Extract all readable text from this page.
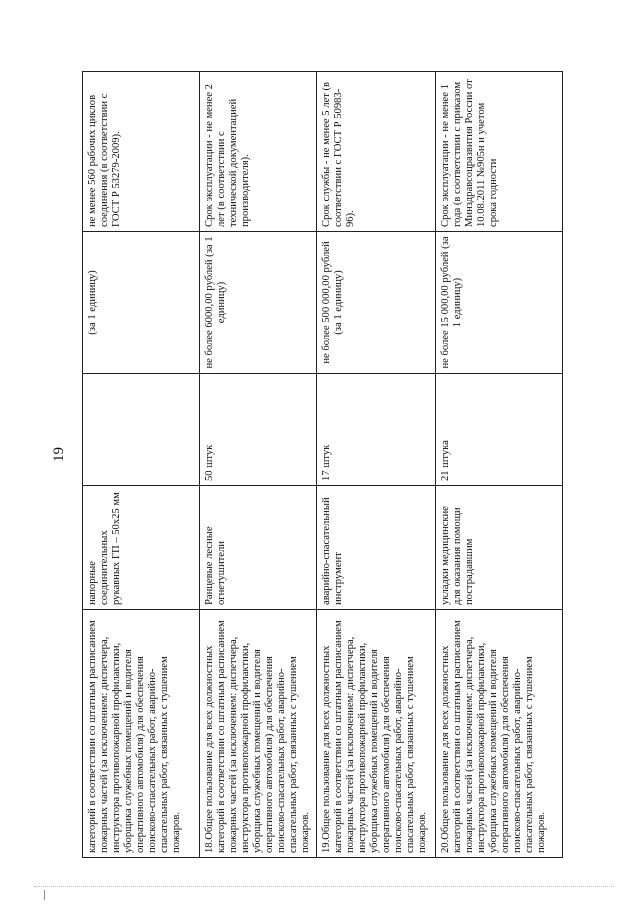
19
категорий в соответствии со штатным расписанием пожарных частей (за исключением: диспетчера, инструктора противопожарной профилактики, уборщика служебных помещений и водителя оперативного автомобиля) для обеспечения поисково-спасательных работ, аварийно-спасательных работ, связанных с тушением пожаров.	напорные соединительных рукавных ГП – 50х25 мм		(за 1 единицу)	не менее 560 рабочих циклов соединения (в соответствии с ГОСТ Р 53279-2009).
18.Общее пользование для всех должностных категорий в соответствии со штатным расписанием пожарных частей (за исключением: диспетчера, инструктора противопожарной профилактики, уборщика служебных помещений и водителя оперативного автомобиля) для обеспечения поисково-спасательных работ, аварийно-спасательных работ, связанных с тушением пожаров.	Ранцевые лесные огнетушители	50 штук	не более 6000,00 рублей (за 1 единицу)	Срок эксплуатации - не менее 2 лет (в соответствии с технической документацией производителя).
19.Общее пользование для всех должностных категорий в соответствии со штатным расписанием пожарных частей (за исключением: диспетчера, инструктора противопожарной профилактики, уборщика служебных помещений и водителя оперативного автомобиля) для обеспечения поисково-спасательных работ, аварийно-спасательных работ, связанных с тушением пожаров.	аварийно-спасательный инструмент	17 штук	не более 500 000,00 рублей (за 1 единицу)	Срок службы - не менее 5 лет (в соответствии с ГОСТ Р 50983-96).
20.Общее пользование для всех должностных категорий в соответствии со штатным расписанием пожарных частей (за исключением: диспетчера, инструктора противопожарной профилактики, уборщика служебных помещений и водителя оперативного автомобиля) для обеспечения поисково-спасательных работ, аварийно-спасательных работ, связанных с тушением пожаров.	укладки медицинские для оказания помощи пострадавшим	21 штука	не более 15 000,00 рублей (за 1 единицу)	Срок эксплуатации - не менее 1 года (в соответствии с приказом Минздравсоцразвития России от 10.08.2011 №905н и учетом срока годности
